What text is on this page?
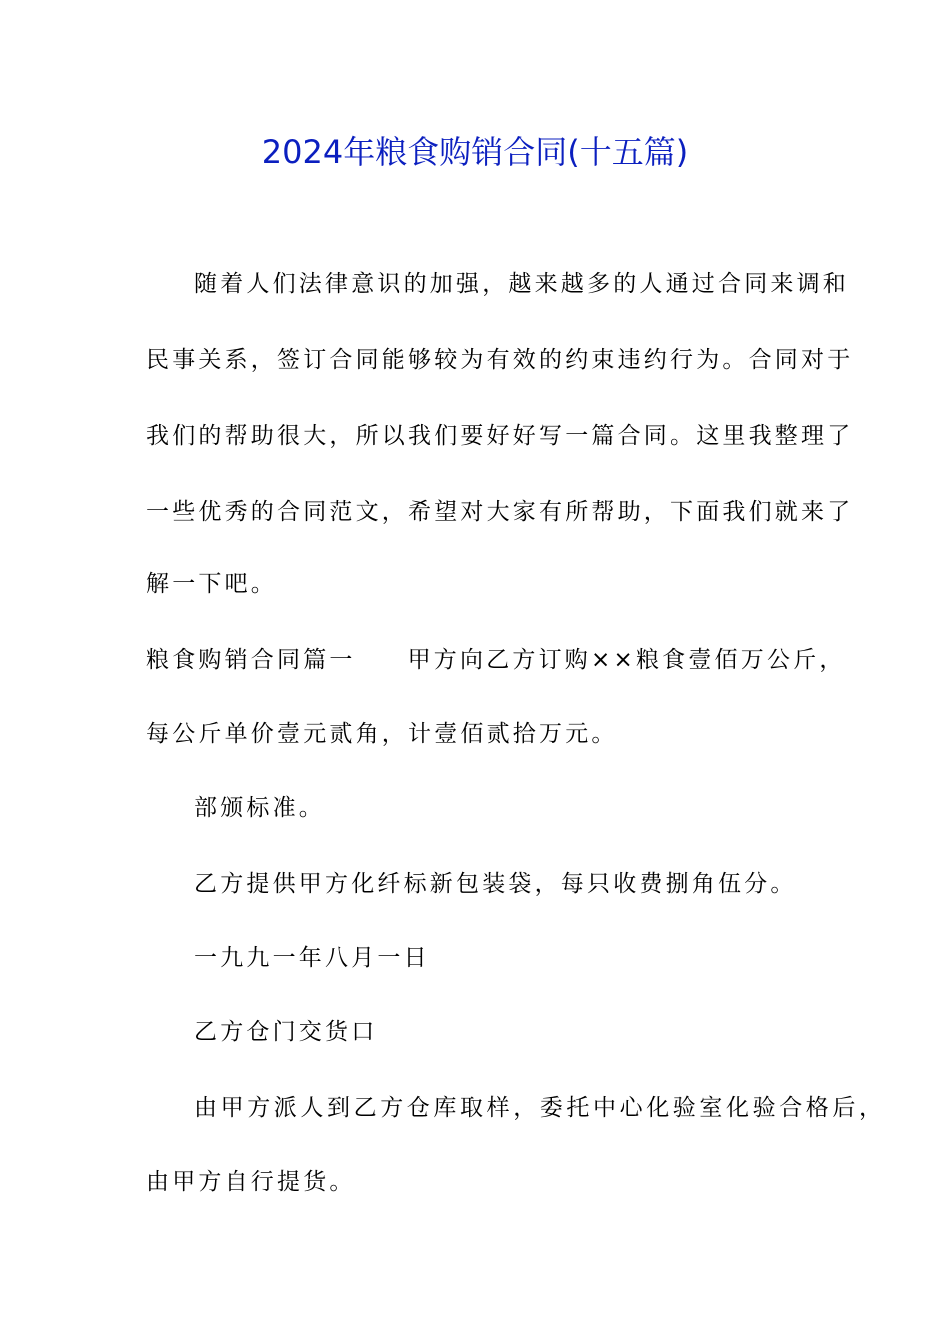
2024年粮食购销合同(十五篇)
随着人们法律意识的加强，越来越多的人通过合同来调和
民事关系，签订合同能够较为有效的约束违约行为。合同对于
我们的帮助很大，所以我们要好好写一篇合同。这里我整理了
一些优秀的合同范文，希望对大家有所帮助，下面我们就来了
解一下吧。
粮食购销合同篇一 甲方向乙方订购××粮食壹佰万公斤，
每公斤单价壹元贰角，计壹佰贰拾万元。
部颁标准。
乙方提供甲方化纤标新包装袋，每只收费捌角伍分。
一九九一年八月一日
乙方仓门交货口
由甲方派人到乙方仓库取样，委托中心化验室化验合格后，
由甲方自行提货。
